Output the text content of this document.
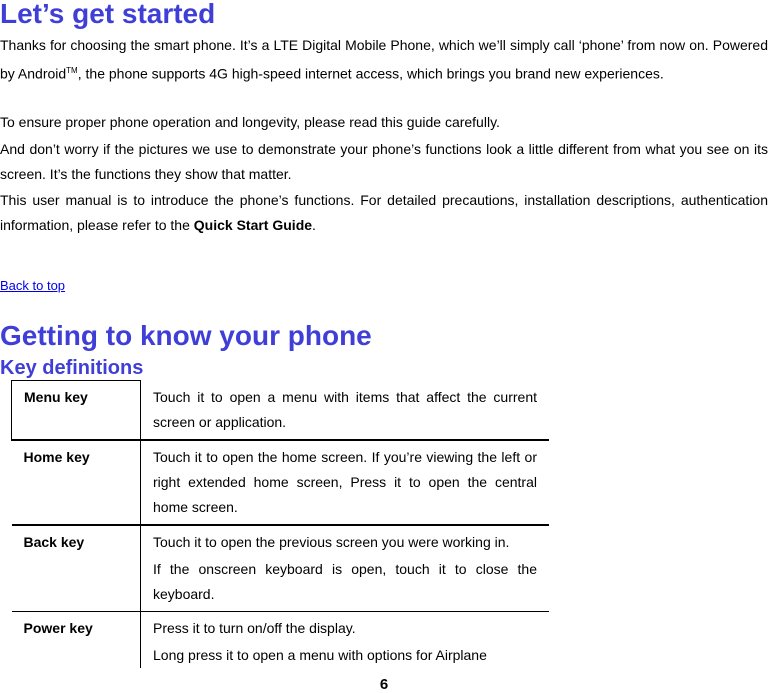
Let’s get started

Thanks for choosing the smart phone. It’s a LTE Digital Mobile Phone, which we’ll simply call ‘phone’ from now on. Powered by Android™, the phone supports 4G high-speed internet access, which brings you brand new experiences.

To ensure proper phone operation and longevity, please read this guide carefully.

And don’t worry if the pictures we use to demonstrate your phone’s functions look a little different from what you see on its screen. It’s the functions they show that matter.

This user manual is to introduce the phone’s functions. For detailed precautions, installation descriptions, authentication information, please refer to the Quick Start Guide.

Back to top
Getting to know your phone
Key definitions
Menu key	Touch it to open a menu with items that affect the current screen or application.

Home key	Touch it to open the home screen. If you’re viewing the left or right extended home screen, Press it to open the central home screen.

Back key	Touch it to open the previous screen you were working in.
If the onscreen keyboard is open, touch it to close the keyboard.

Power key	Press it to turn on/off the display.
Long press it to open a menu with options for Airplane
6
